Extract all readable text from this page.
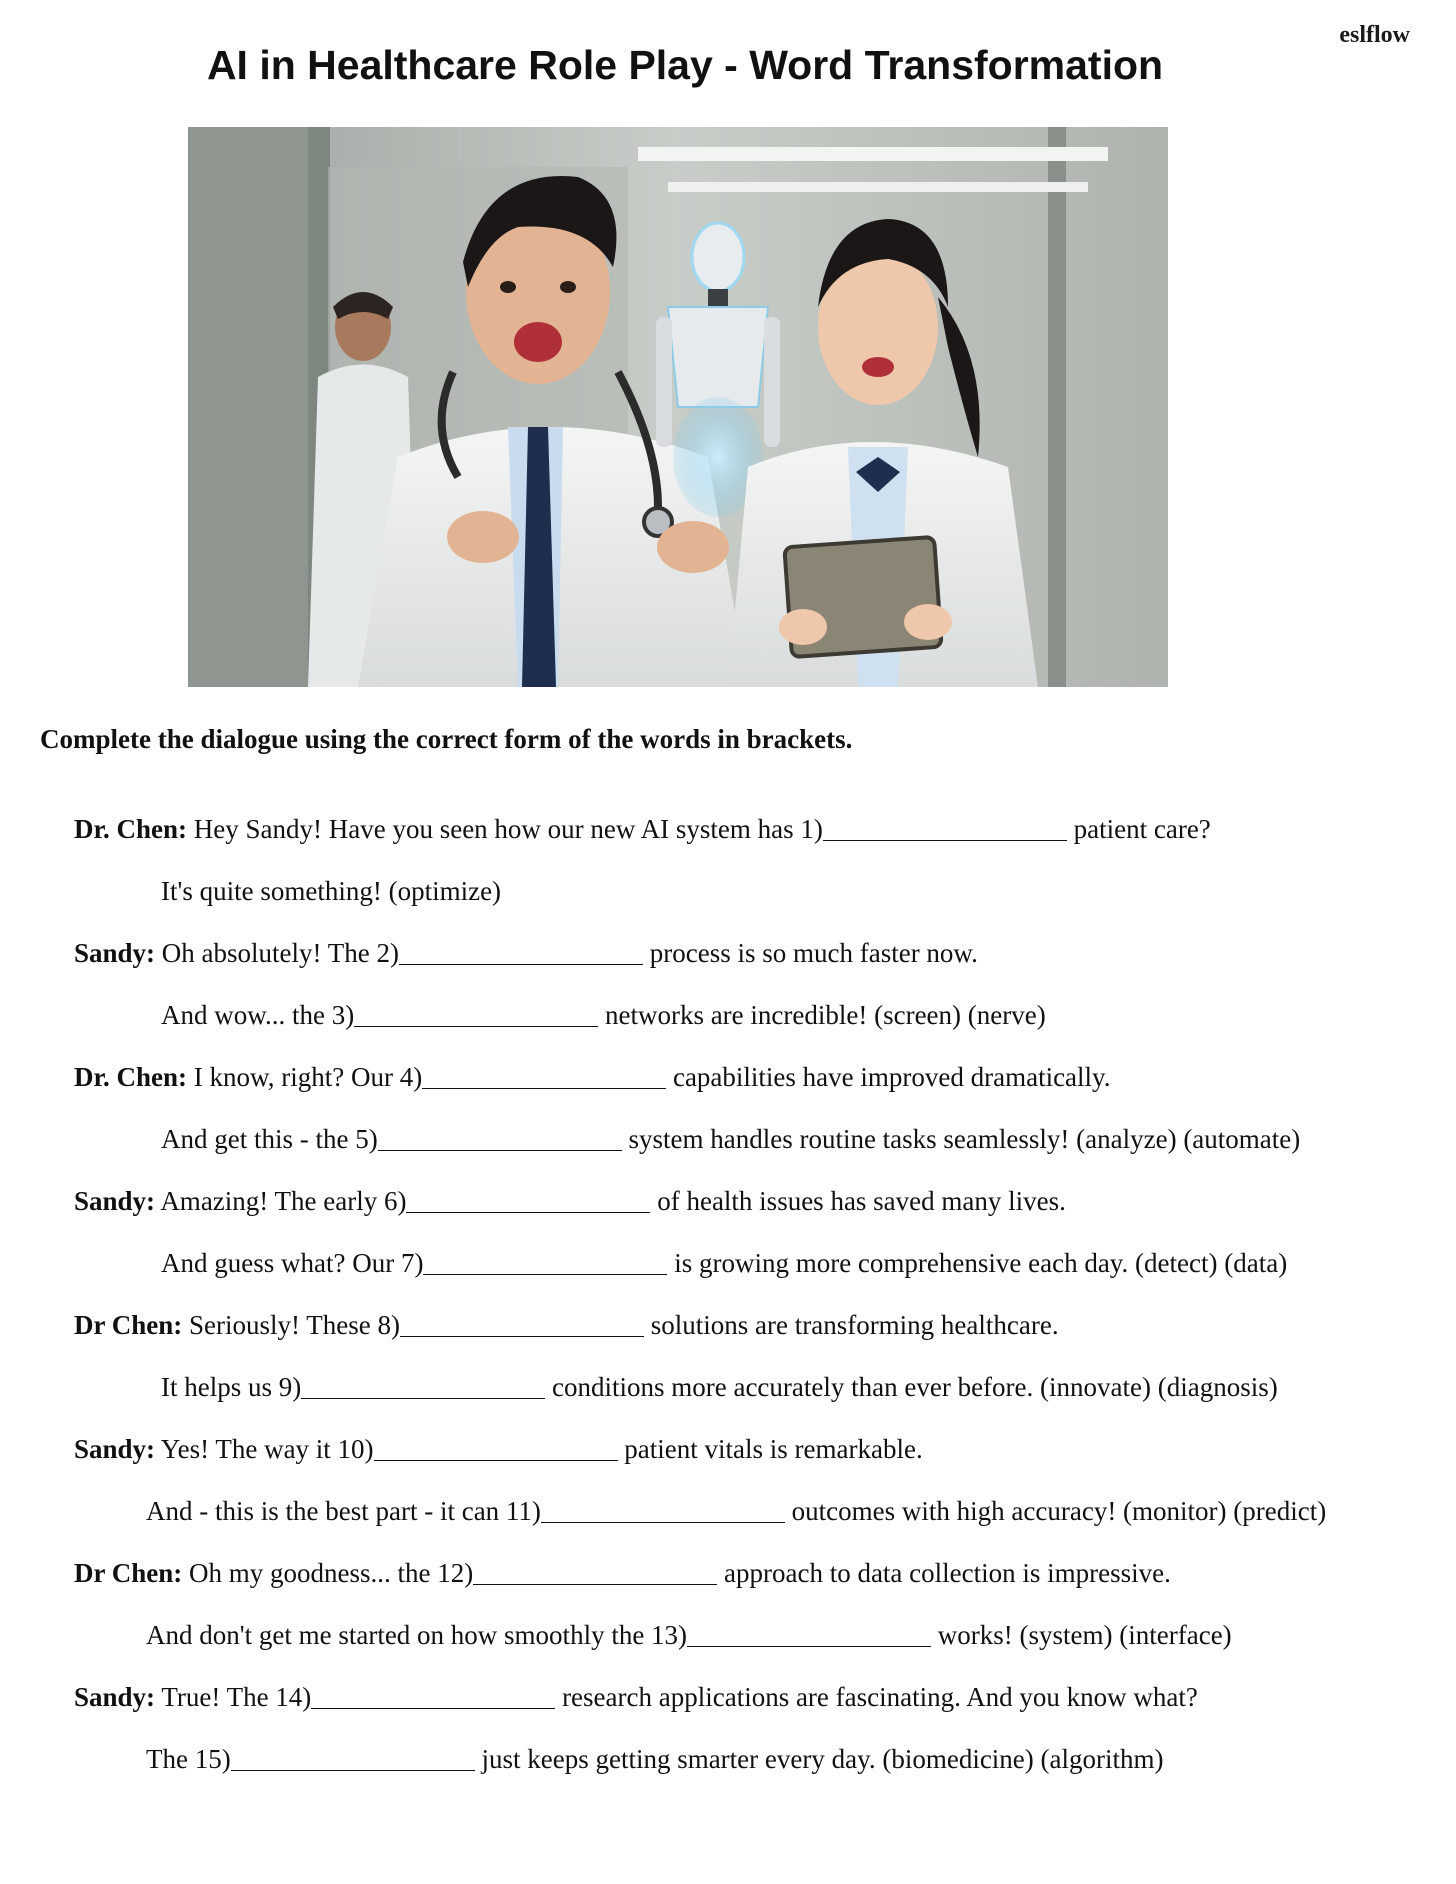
eslflow
AI in Healthcare Role Play - Word Transformation

Complete the dialogue using the correct form of the words in brackets.

Dr. Chen: Hey Sandy! Have you seen how our new AI system has 1)	patient care?
It's quite something! (optimize)
Sandy: Oh absolutely! The 2)	process is so much faster now.
And wow... the 3)	networks are incredible! (screen) (nerve)
Dr. Chen: I know, right? Our 4)	capabilities have improved dramatically.
And get this - the 5)	system handles routine tasks seamlessly! (analyze) (automate)
Sandy: Amazing! The early 6)	of health issues has saved many lives.
And guess what? Our 7)	is growing more comprehensive each day. (detect) (data)
Dr Chen: Seriously! These 8)	solutions are transforming healthcare.
It helps us 9)	conditions more accurately than ever before. (innovate) (diagnosis)
Sandy: Yes! The way it 10)	patient vitals is remarkable.
And - this is the best part - it can 11)	outcomes with high accuracy! (monitor) (predict)
Dr Chen: Oh my goodness... the 12)	approach to data collection is impressive.
And don't get me started on how smoothly the 13)	works! (system) (interface)
Sandy: True! The 14)	research applications are fascinating. And you know what?
The 15)	just keeps getting smarter every day. (biomedicine) (algorithm)
